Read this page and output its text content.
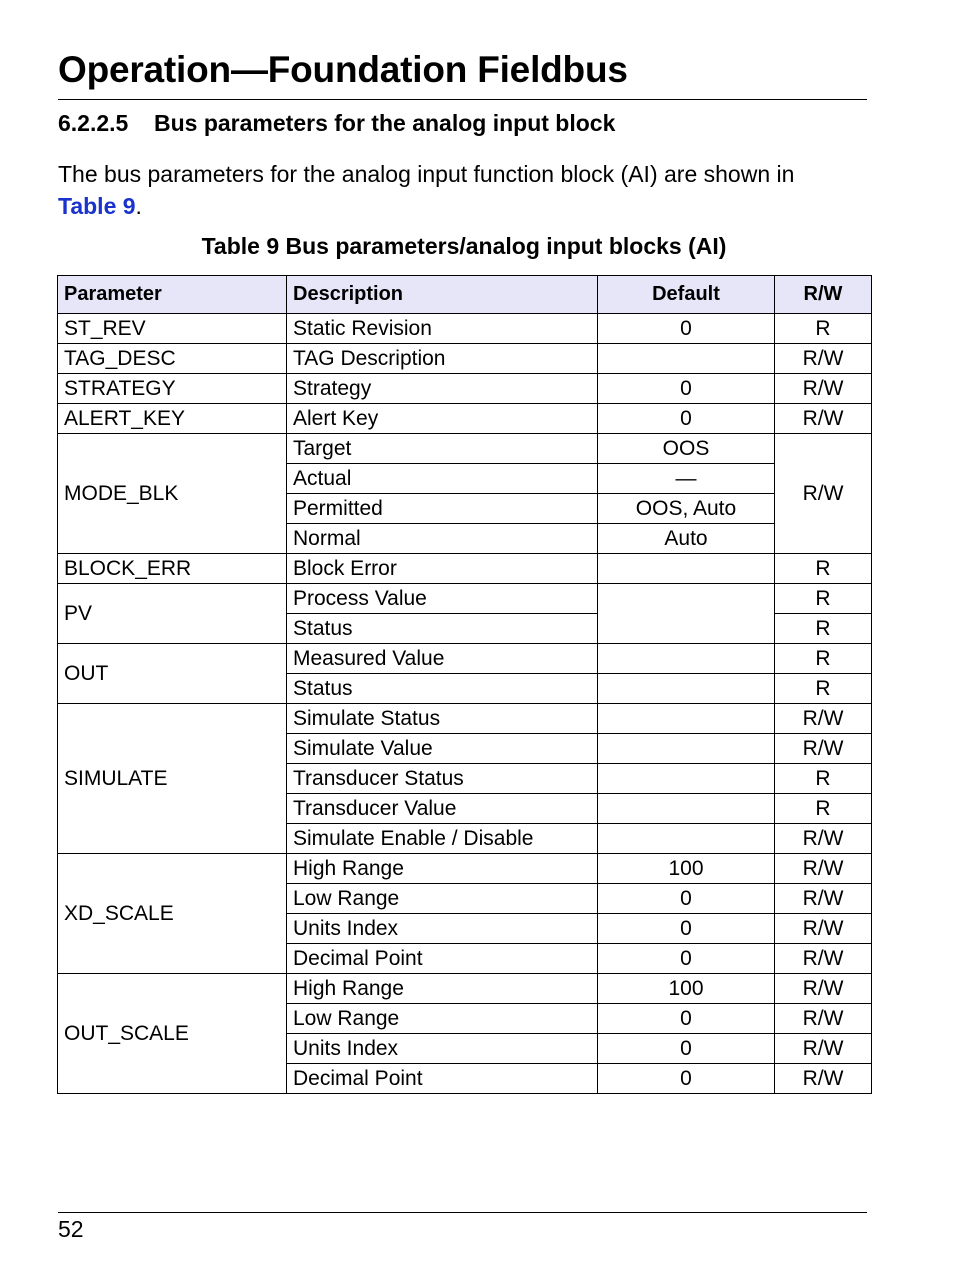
Operation—Foundation Fieldbus
6.2.2.5 Bus parameters for the analog input block

The bus parameters for the analog input function block (AI) are shown in Table 9.

Table 9 Bus parameters/analog input blocks (AI)
Parameter	Description	Default	R/W
ST_REV	Static Revision	0	R
TAG_DESC	TAG Description		R/W
STRATEGY	Strategy	0	R/W
ALERT_KEY	Alert Key	0	R/W
MODE_BLK	Target	OOS	R/W
	Actual	—	
	Permitted	OOS, Auto	
	Normal	Auto	
BLOCK_ERR	Block Error		R
PV	Process Value		R
	Status		R
OUT	Measured Value		R
	Status		R
SIMULATE	Simulate Status		R/W
	Simulate Value		R/W
	Transducer Status		R
	Transducer Value		R
	Simulate Enable / Disable		R/W
XD_SCALE	High Range	100	R/W
	Low Range	0	R/W
	Units Index	0	R/W
	Decimal Point	0	R/W
OUT_SCALE	High Range	100	R/W
	Low Range	0	R/W
	Units Index	0	R/W
	Decimal Point	0	R/W
52
